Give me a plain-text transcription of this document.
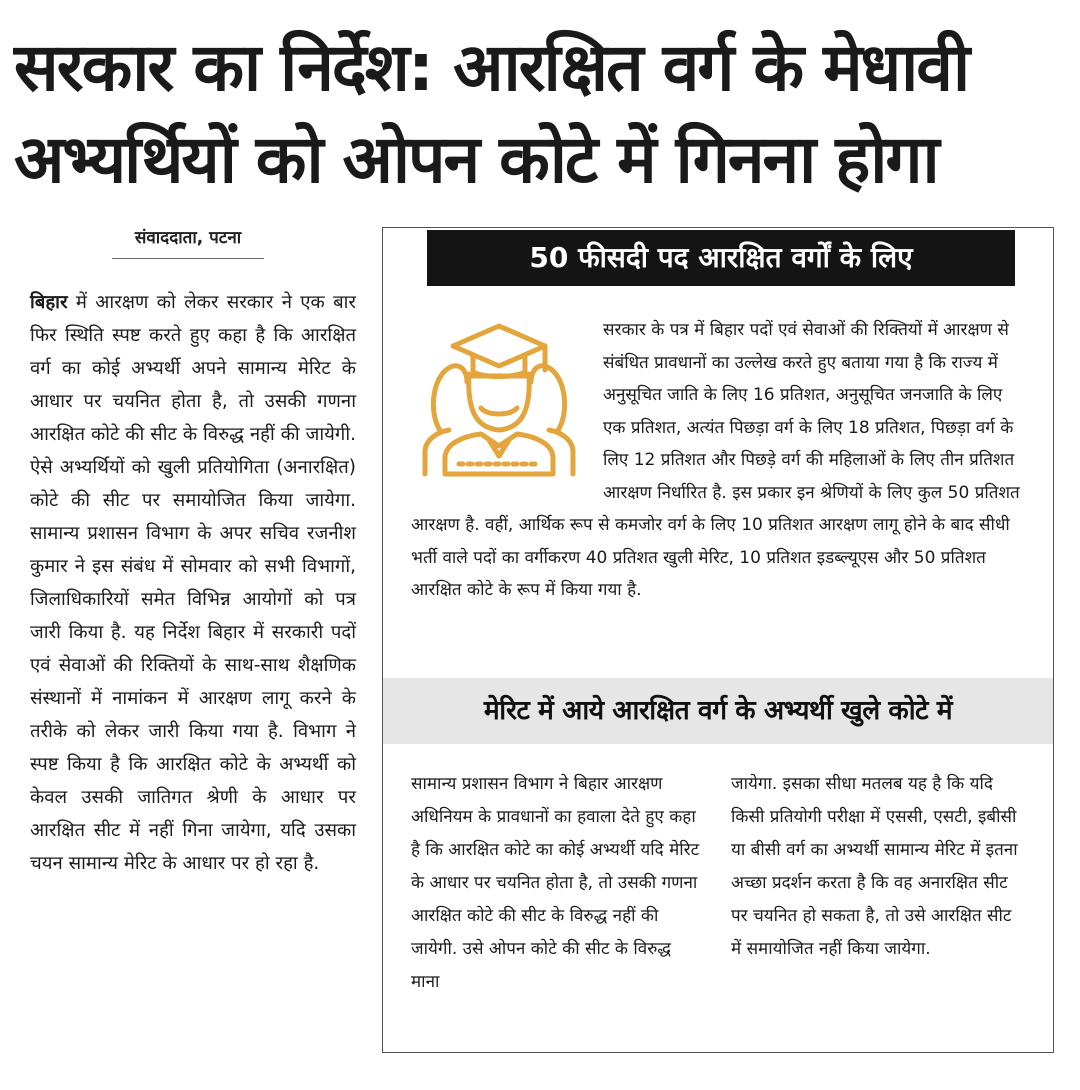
सरकार का निर्देश: आरक्षित वर्ग के मेधावी अभ्यर्थियों को ओपन कोटे में गिनना होगा
संवाददाता, पटना

बिहार में आरक्षण को लेकर सरकार ने एक बार फिर स्थिति स्पष्ट करते हुए कहा है कि आरक्षित वर्ग का कोई अभ्यर्थी अपने सामान्य मेरिट के आधार पर चयनित होता है, तो उसकी गणना आरक्षित कोटे की सीट के विरुद्ध नहीं की जायेगी. ऐसे अभ्यर्थियों को खुली प्रतियोगिता (अनारक्षित) कोटे की सीट पर समायोजित किया जायेगा. सामान्य प्रशासन विभाग के अपर सचिव रजनीश कुमार ने इस संबंध में सोमवार को सभी विभागों, जिलाधिकारियों समेत विभिन्न आयोगों को पत्र जारी किया है. यह निर्देश बिहार में सरकारी पदों एवं सेवाओं की रिक्तियों के साथ-साथ शैक्षणिक संस्थानों में नामांकन में आरक्षण लागू करने के तरीके को लेकर जारी किया गया है. विभाग ने स्पष्ट किया है कि आरक्षित कोटे के अभ्यर्थी को केवल उसकी जातिगत श्रेणी के आधार पर आरक्षित सीट में नहीं गिना जायेगा, यदि उसका चयन सामान्य मेरिट के आधार पर हो रहा है.

50 फीसदी पद आरक्षित वर्गों के लिए

सरकार के पत्र में बिहार पदों एवं सेवाओं की रिक्तियों में आरक्षण से संबंधित प्रावधानों का उल्लेख करते हुए बताया गया है कि राज्य में अनुसूचित जाति के लिए 16 प्रतिशत, अनुसूचित जनजाति के लिए एक प्रतिशत, अत्यंत पिछड़ा वर्ग के लिए 18 प्रतिशत, पिछड़ा वर्ग के लिए 12 प्रतिशत और पिछड़े वर्ग की महिलाओं के लिए तीन प्रतिशत आरक्षण निर्धारित है. इस प्रकार इन श्रेणियों के लिए कुल 50 प्रतिशत आरक्षण है. वहीं, आर्थिक रूप से कमजोर वर्ग के लिए 10 प्रतिशत आरक्षण लागू होने के बाद सीधी भर्ती वाले पदों का वर्गीकरण 40 प्रतिशत खुली मेरिट, 10 प्रतिशत इडब्ल्यूएस और 50 प्रतिशत आरक्षित कोटे के रूप में किया गया है.

मेरिट में आये आरक्षित वर्ग के अभ्यर्थी खुले कोटे में

सामान्य प्रशासन विभाग ने बिहार आरक्षण अधिनियम के प्रावधानों का हवाला देते हुए कहा है कि आरक्षित कोटे का कोई अभ्यर्थी यदि मेरिट के आधार पर चयनित होता है, तो उसकी गणना आरक्षित कोटे की सीट के विरुद्ध नहीं की जायेगी. उसे ओपन कोटे की सीट के विरुद्ध माना

जायेगा. इसका सीधा मतलब यह है कि यदि किसी प्रतियोगी परीक्षा में एससी, एसटी, इबीसी या बीसी वर्ग का अभ्यर्थी सामान्य मेरिट में इतना अच्छा प्रदर्शन करता है कि वह अनारक्षित सीट पर चयनित हो सकता है, तो उसे आरक्षित सीट में समायोजित नहीं किया जायेगा.
